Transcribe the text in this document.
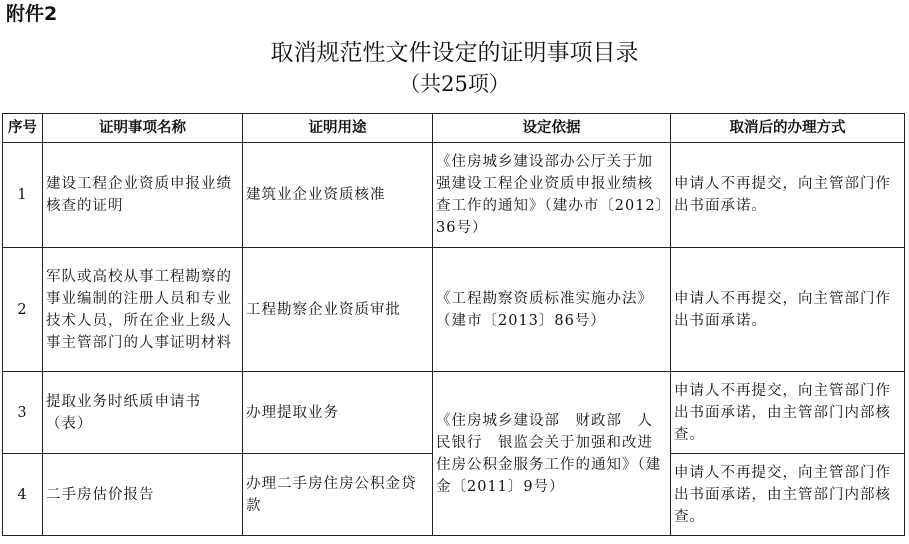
附件2
取消规范性文件设定的证明事项目录
（共25项）
序号	证明事项名称	证明用途	设定依据	取消后的办理方式
1	建设工程企业资质申报业绩核查的证明	建筑业企业资质核准	《住房城乡建设部办公厅关于加强建设工程企业资质申报业绩核查工作的通知》（建办市〔2012〕36号）	申请人不再提交，向主管部门作出书面承诺。
2	军队或高校从事工程勘察的事业编制的注册人员和专业技术人员，所在企业上级人事主管部门的人事证明材料	工程勘察企业资质审批	《工程勘察资质标准实施办法》（建市〔2013〕86号）	申请人不再提交，向主管部门作出书面承诺。
3	提取业务时纸质申请书（表）	办理提取业务	《住房城乡建设部　财政部　人民银行　银监会关于加强和改进住房公积金服务工作的通知》（建金〔2011〕9号）	申请人不再提交，向主管部门作出书面承诺，由主管部门内部核查。
4	二手房估价报告	办理二手房住房公积金贷款		申请人不再提交，向主管部门作出书面承诺，由主管部门内部核查。
